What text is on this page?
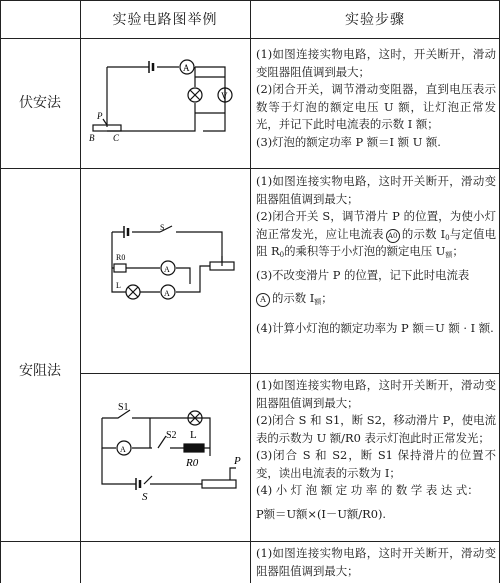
实验电路图举例	实验步骤
伏安法
安阻法
A
V
P
B C

(1)如图连接实物电路，这时，开关断开，滑动变阻器阻值调到最大；

(2)闭合开关，调节滑动变阻器，直到电压表示数等于灯泡的额定电压 U 额，让灯泡正常发光，并记下此时电流表的示数 I 额；

(3)灯泡的额定功率 P 额＝I 额 U 额.

S
R0
A
L
A

(1)如图连接实物电路，这时开关断开，滑动变阻器阻值调到最大；

(2)闭合开关 S，调节滑片 P 的位置，为使小灯泡正常发光，应让电流表 A0 的示数 $I_0$与定值电阻 $R_0$的乘积等于小灯泡的额定电压 $U_额$；

(3)不改变滑片 P 的位置，记下此时电流表

A 的示数 $I_额$；

(4)计算小灯泡的额定功率为 P 额＝U 额 · I 额.

S1
S2 L
R0	P
A
S

(1)如图连接实物电路，这时开关断开，滑动变阻器阻值调到最大；

(2)闭合 S 和 S1，断 S2，移动滑片 P，使电流表的示数为 U 额/R0 表示灯泡此时正常发光；

(3)闭合 S 和 S2，断 S1 保持滑片的位置不变，读出电流表的示数为 I；

(4) 小 灯 泡 额 定 功 率 的 数 学 表 达 式：

P额＝U额×(I－U额/R0).

(1)如图连接实物电路，这时开关断开，滑动变阻器阻值调到最大；
